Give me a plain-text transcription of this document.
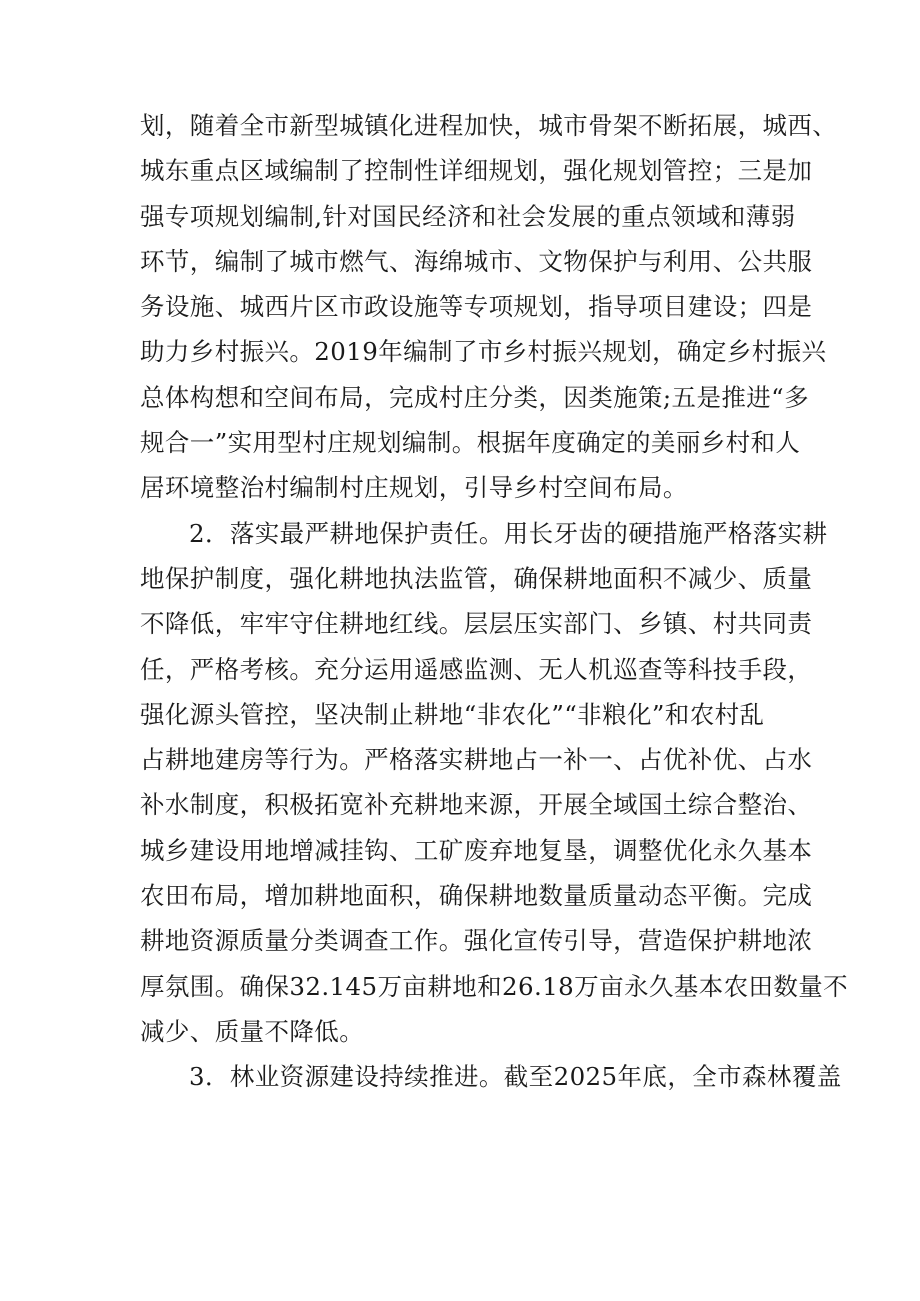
划，随着全市新型城镇化进程加快，城市骨架不断拓展，城西、
城东重点区域编制了控制性详细规划，强化规划管控；三是加
强专项规划编制,针对国民经济和社会发展的重点领域和薄弱
环节，编制了城市燃气、海绵城市、文物保护与利用、公共服
务设施、城西片区市政设施等专项规划，指导项目建设；四是
助力乡村振兴。2019年编制了市乡村振兴规划，确定乡村振兴
总体构想和空间布局，完成村庄分类，因类施策;五是推进“多
规合一”实用型村庄规划编制。根据年度确定的美丽乡村和人
居环境整治村编制村庄规划，引导乡村空间布局。
2．落实最严耕地保护责任。用长牙齿的硬措施严格落实耕
地保护制度，强化耕地执法监管，确保耕地面积不减少、质量
不降低，牢牢守住耕地红线。层层压实部门、乡镇、村共同责
任，严格考核。充分运用遥感监测、无人机巡查等科技手段，
强化源头管控，坚决制止耕地“非农化”“非粮化”和农村乱
占耕地建房等行为。严格落实耕地占一补一、占优补优、占水
补水制度，积极拓宽补充耕地来源，开展全域国土综合整治、
城乡建设用地增减挂钩、工矿废弃地复垦，调整优化永久基本
农田布局，增加耕地面积，确保耕地数量质量动态平衡。完成
耕地资源质量分类调查工作。强化宣传引导，营造保护耕地浓
厚氛围。确保32.145万亩耕地和26.18万亩永久基本农田数量不
减少、质量不降低。
3．林业资源建设持续推进。截至2025年底，全市森林覆盖
